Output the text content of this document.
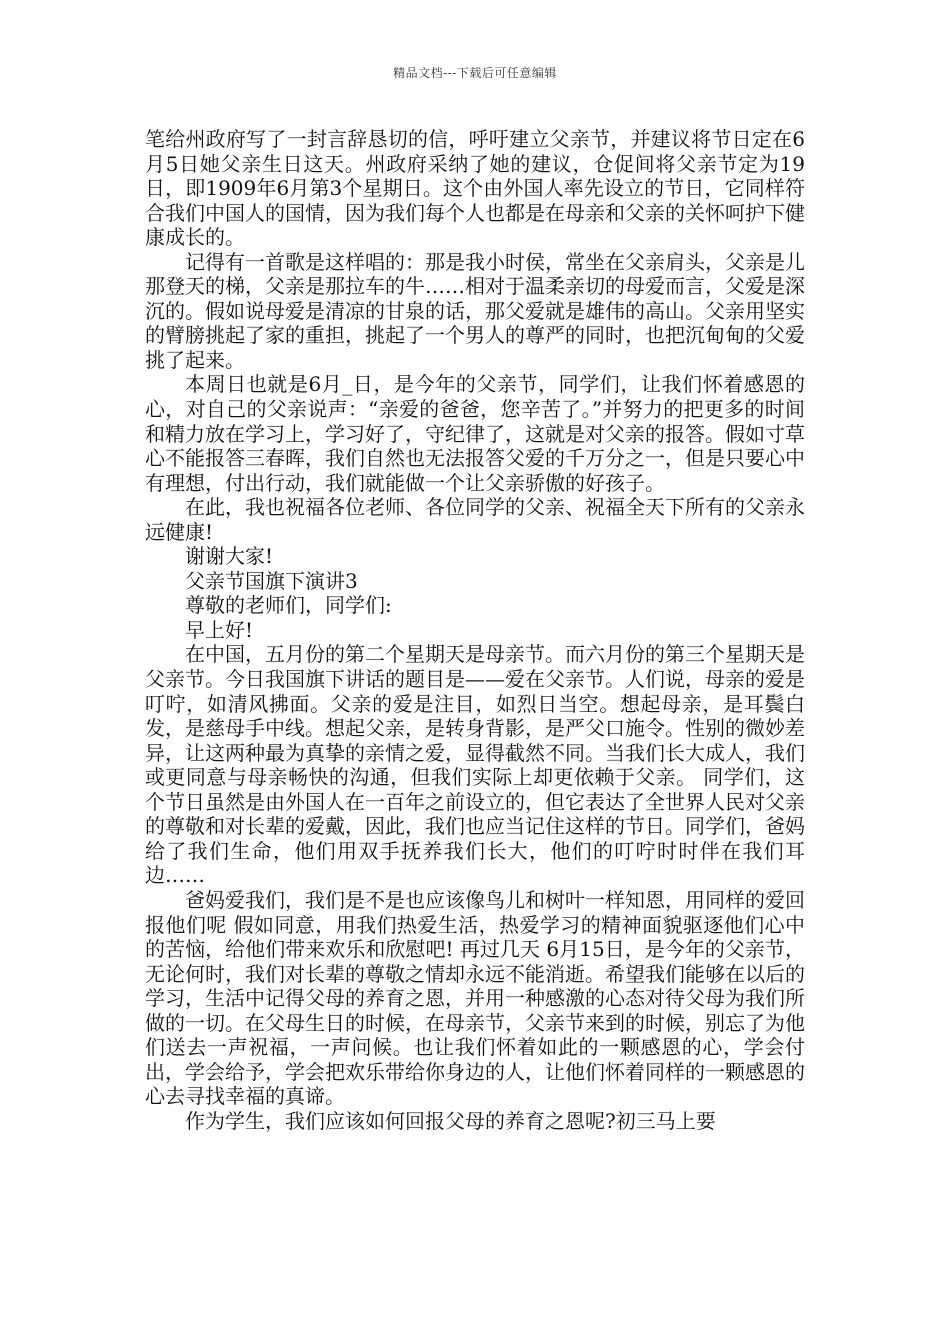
精品文档---下载后可任意编辑

笔给州政府写了一封言辞恳切的信，呼吁建立父亲节，并建议将节日定在6月5日她父亲生日这天。州政府采纳了她的建议，仓促间将父亲节定为19日，即1909年6月第3个星期日。这个由外国人率先设立的节日，它同样符合我们中国人的国情，因为我们每个人也都是在母亲和父亲的关怀呵护下健康成长的。

记得有一首歌是这样唱的：那是我小时侯，常坐在父亲肩头，父亲是儿那登天的梯，父亲是那拉车的牛……相对于温柔亲切的母爱而言，父爱是深沉的。假如说母爱是清凉的甘泉的话，那父爱就是雄伟的高山。父亲用坚实的臂膀挑起了家的重担，挑起了一个男人的尊严的同时，也把沉甸甸的父爱挑了起来。

本周日也就是6月_日，是今年的父亲节，同学们，让我们怀着感恩的心，对自己的父亲说声：“亲爱的爸爸，您辛苦了。”并努力的把更多的时间和精力放在学习上，学习好了，守纪律了，这就是对父亲的报答。假如寸草心不能报答三春晖，我们自然也无法报答父爱的千万分之一，但是只要心中有理想，付出行动，我们就能做一个让父亲骄傲的好孩子。

在此，我也祝福各位老师、各位同学的父亲、祝福全天下所有的父亲永远健康!

谢谢大家!

父亲节国旗下演讲3

尊敬的老师们，同学们:

早上好!

在中国，五月份的第二个星期天是母亲节。而六月份的第三个星期天是父亲节。今日我国旗下讲话的题目是——爱在父亲节。人们说，母亲的爱是叮咛，如清风拂面。父亲的爱是注目，如烈日当空。想起母亲，是耳鬓白发，是慈母手中线。想起父亲，是转身背影，是严父口施令。性别的微妙差异，让这两种最为真挚的亲情之爱，显得截然不同。当我们长大成人，我们或更同意与母亲畅快的沟通，但我们实际上却更依赖于父亲。 同学们，这个节日虽然是由外国人在一百年之前设立的，但它表达了全世界人民对父亲的尊敬和对长辈的爱戴，因此，我们也应当记住这样的节日。同学们，爸妈给了我们生命，他们用双手抚养我们长大，他们的叮咛时时伴在我们耳边……

爸妈爱我们，我们是不是也应该像鸟儿和树叶一样知恩，用同样的爱回报他们呢 假如同意，用我们热爱生活，热爱学习的精神面貌驱逐他们心中的苦恼，给他们带来欢乐和欣慰吧! 再过几天 6月15日，是今年的父亲节，无论何时，我们对长辈的尊敬之情却永远不能消逝。希望我们能够在以后的学习，生活中记得父母的养育之恩，并用一种感激的心态对待父母为我们所做的一切。在父母生日的时候，在母亲节，父亲节来到的时候，别忘了为他们送去一声祝福，一声问候。也让我们怀着如此的一颗感恩的心，学会付出，学会给予，学会把欢乐带给你身边的人，让他们怀着同样的一颗感恩的心去寻找幸福的真谛。

作为学生，我们应该如何回报父母的养育之恩呢?初三马上要
